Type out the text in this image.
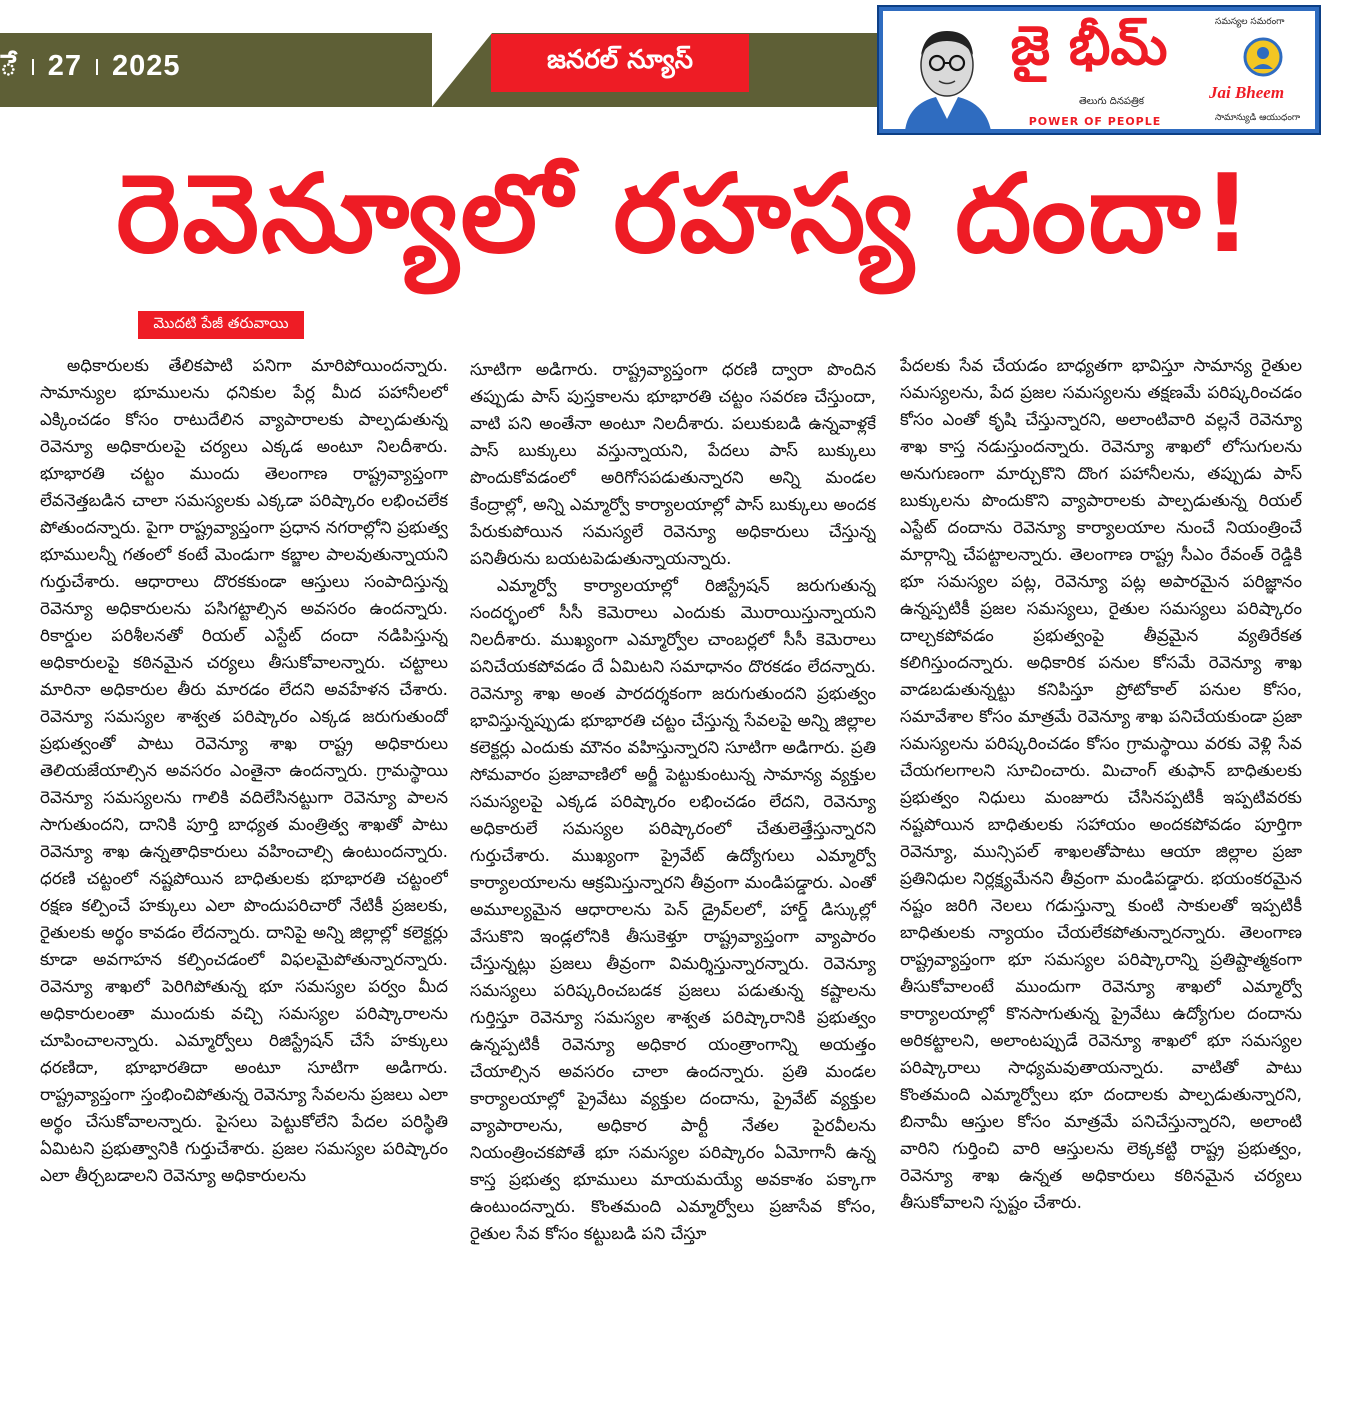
ే 27 2025	జనరల్ న్యూస్	జై భీమ్
తెలుగు దినపత్రిక
POWER OF PEOPLE
సమస్యల సమరంగా
Jai Bheem
సామాన్యుడి ఆయుధంగా
రెవెన్యూలో రహస్య దందా!
మొదటి పేజీ తరువాయి

అధికారులకు తేలికపాటి పనిగా మారిపోయిందన్నారు. సామాన్యుల భూములను ధనికుల పేర్ల మీద పహానీలలో ఎక్కించడం కోసం రాటుదేలిన వ్యాపారాలకు పాల్పడుతున్న రెవెన్యూ అధికారులపై చర్యలు ఎక్కడ అంటూ నిలదీశారు. భూభారతి చట్టం ముందు తెలంగాణ రాష్ట్రవ్యాప్తంగా లేవనెత్తబడిన చాలా సమస్యలకు ఎక్కడా పరిష్కారం లభించలేక పోతుందన్నారు. పైగా రాష్ట్రవ్యాప్తంగా ప్రధాన నగరాల్లోని ప్రభుత్వ భూములన్నీ గతంలో కంటే మెండుగా కబ్జాల పాలవుతున్నాయని గుర్తుచేశారు. ఆధారాలు దొరకకుండా ఆస్తులు సంపాదిస్తున్న రెవెన్యూ అధికారులను పసిగట్టాల్సిన అవసరం ఉందన్నారు. రికార్డుల పరిశీలనతో రియల్ ఎస్టేట్ దందా నడిపిస్తున్న అధికారులపై కఠినమైన చర్యలు తీసుకోవాలన్నారు. చట్టాలు మారినా అధికారుల తీరు మారడం లేదని అవహేళన చేశారు. రెవెన్యూ సమస్యల శాశ్వత పరిష్కారం ఎక్కడ జరుగుతుందో ప్రభుత్వంతో పాటు రెవెన్యూ శాఖ రాష్ట్ర అధికారులు తెలియజేయాల్సిన అవసరం ఎంతైనా ఉందన్నారు. గ్రామస్థాయి రెవెన్యూ సమస్యలను గాలికి వదిలేసినట్టుగా రెవెన్యూ పాలన సాగుతుందని, దానికి పూర్తి బాధ్యత మంత్రిత్వ శాఖతో పాటు రెవెన్యూ శాఖ ఉన్నతాధికారులు వహించాల్సి ఉంటుందన్నారు. ధరణి చట్టంలో నష్టపోయిన బాధితులకు భూభారతి చట్టంలో రక్షణ కల్పించే హక్కులు ఎలా పొందుపరిచారో నేటికీ ప్రజలకు, రైతులకు అర్థం కావడం లేదన్నారు. దానిపై అన్ని జిల్లాల్లో కలెక్టర్లు కూడా అవగాహన కల్పించడంలో విఫలమైపోతున్నారన్నారు. రెవెన్యూ శాఖలో పెరిగిపోతున్న భూ సమస్యల పర్వం మీద అధికారులంతా ముందుకు వచ్చి సమస్యల పరిష్కారాలను చూపించాలన్నారు. ఎమ్మార్వోలు రిజిస్ట్రేషన్ చేసే హక్కులు ధరణిదా, భూభారతిదా అంటూ సూటిగా అడిగారు. రాష్ట్రవ్యాప్తంగా స్తంభించిపోతున్న రెవెన్యూ సేవలను ప్రజలు ఎలా అర్థం చేసుకోవాలన్నారు. పైసలు పెట్టుకోలేని పేదల పరిస్థితి ఏమిటని ప్రభుత్వానికి గుర్తుచేశారు. ప్రజల సమస్యల పరిష్కారం ఎలా తీర్చబడాలని రెవెన్యూ అధికారులను

సూటిగా అడిగారు. రాష్ట్రవ్యాప్తంగా ధరణి ద్వారా పొందిన తప్పుడు పాస్ పుస్తకాలను భూభారతి చట్టం సవరణ చేస్తుందా, వాటి పని అంతేనా అంటూ నిలదీశారు. పలుకుబడి ఉన్నవాళ్లకే పాస్ బుక్కులు వస్తున్నాయని, పేదలు పాస్ బుక్కులు పొందుకోవడంలో అరిగోసపడుతున్నారని అన్ని మండల కేంద్రాల్లో, అన్ని ఎమ్మార్వో కార్యాలయాల్లో పాస్ బుక్కులు అందక పేరుకుపోయిన సమస్యలే రెవెన్యూ అధికారులు చేస్తున్న పనితీరును బయటపెడుతున్నాయన్నారు.

ఎమ్మార్వో కార్యాలయాల్లో రిజిస్ట్రేషన్ జరుగుతున్న సందర్భంలో సీసీ కెమెరాలు ఎందుకు మొరాయిస్తున్నాయని నిలదీశారు. ముఖ్యంగా ఎమ్మార్వోల చాంబర్లలో సీసీ కెమెరాలు పనిచేయకపోవడం దే ఏమిటని సమాధానం దొరకడం లేదన్నారు. రెవెన్యూ శాఖ అంత పారదర్శకంగా జరుగుతుందని ప్రభుత్వం భావిస్తున్నప్పుడు భూభారతి చట్టం చేస్తున్న సేవలపై అన్ని జిల్లాల కలెక్టర్లు ఎందుకు మౌనం వహిస్తున్నారని సూటిగా అడిగారు. ప్రతి సోమవారం ప్రజావాణిలో అర్జీ పెట్టుకుంటున్న సామాన్య వ్యక్తుల సమస్యలపై ఎక్కడ పరిష్కారం లభించడం లేదని, రెవెన్యూ అధికారులే సమస్యల పరిష్కారంలో చేతులెత్తేస్తున్నారని గుర్తుచేశారు. ముఖ్యంగా ప్రైవేట్ ఉద్యోగులు ఎమ్మార్వో కార్యాలయాలను ఆక్రమిస్తున్నారని తీవ్రంగా మండిపడ్డారు. ఎంతో అమూల్యమైన ఆధారాలను పెన్ డ్రైవ్‌లలో, హార్డ్ డిస్కుల్లో వేసుకొని ఇండ్లలోనికి తీసుకెళ్తూ రాష్ట్రవ్యాప్తంగా వ్యాపారం చేస్తున్నట్లు ప్రజలు తీవ్రంగా విమర్శిస్తున్నారన్నారు. రెవెన్యూ సమస్యలు పరిష్కరించబడక ప్రజలు పడుతున్న కష్టాలను గుర్తిస్తూ రెవెన్యూ సమస్యల శాశ్వత పరిష్కారానికి ప్రభుత్వం ఉన్నప్పటికీ రెవెన్యూ అధికార యంత్రాంగాన్ని అయత్తం చేయాల్సిన అవసరం చాలా ఉందన్నారు. ప్రతి మండల కార్యాలయాల్లో ప్రైవేటు వ్యక్తుల దందాను, ప్రైవేట్ వ్యక్తుల వ్యాపారాలను, అధికార పార్టీ నేతల పైరవీలను నియంత్రించకపోతే భూ సమస్యల పరిష్కారం ఏమోగానీ ఉన్న కాస్త ప్రభుత్వ భూములు మాయమయ్యే అవకాశం పక్కాగా ఉంటుందన్నారు. కొంతమంది ఎమ్మార్వోలు ప్రజాసేవ కోసం, రైతుల సేవ కోసం కట్టుబడి పని చేస్తూ

పేదలకు సేవ చేయడం బాధ్యతగా భావిస్తూ సామాన్య రైతుల సమస్యలను, పేద ప్రజల సమస్యలను తక్షణమే పరిష్కరించడం కోసం ఎంతో కృషి చేస్తున్నారని, అలాంటివారి వల్లనే రెవెన్యూ శాఖ కాస్త నడుస్తుందన్నారు. రెవెన్యూ శాఖలో లోసుగులను అనుగుణంగా మార్చుకొని దొంగ పహానీలను, తప్పుడు పాస్ బుక్కులను పొందుకొని వ్యాపారాలకు పాల్పడుతున్న రియల్ ఎస్టేట్ దందాను రెవెన్యూ కార్యాలయాల నుంచే నియంత్రించే మార్గాన్ని చేపట్టాలన్నారు. తెలంగాణ రాష్ట్ర సీఎం రేవంత్ రెడ్డికి భూ సమస్యల పట్ల, రెవెన్యూ పట్ల అపారమైన పరిజ్ఞానం ఉన్నప్పటికీ ప్రజల సమస్యలు, రైతుల సమస్యలు పరిష్కారం దాల్చకపోవడం ప్రభుత్వంపై తీవ్రమైన వ్యతిరేకత కలిగిస్తుందన్నారు. అధికారిక పనుల కోసమే రెవెన్యూ శాఖ వాడబడుతున్నట్టు కనిపిస్తూ ప్రోటోకాల్ పనుల కోసం, సమావేశాల కోసం మాత్రమే రెవెన్యూ శాఖ పనిచేయకుండా ప్రజా సమస్యలను పరిష్కరించడం కోసం గ్రామస్థాయి వరకు వెళ్లి సేవ చేయగలగాలని సూచించారు. మిచాంగ్ తుఫాన్ బాధితులకు ప్రభుత్వం నిధులు మంజూరు చేసినప్పటికీ ఇప్పటివరకు నష్టపోయిన బాధితులకు సహాయం అందకపోవడం పూర్తిగా రెవెన్యూ, మున్సిపల్ శాఖలతోపాటు ఆయా జిల్లాల ప్రజా ప్రతినిధుల నిర్లక్ష్యమేనని తీవ్రంగా మండిపడ్డారు. భయంకరమైన నష్టం జరిగి నెలలు గడుస్తున్నా కుంటి సాకులతో ఇప్పటికీ బాధితులకు న్యాయం చేయలేకపోతున్నారన్నారు. తెలంగాణ రాష్ట్రవ్యాప్తంగా భూ సమస్యల పరిష్కారాన్ని ప్రతిష్టాత్మకంగా తీసుకోవాలంటే ముందుగా రెవెన్యూ శాఖలో ఎమ్మార్వో కార్యాలయాల్లో కొనసాగుతున్న ప్రైవేటు ఉద్యోగుల దందాను అరికట్టాలని, అలాంటప్పుడే రెవెన్యూ శాఖలో భూ సమస్యల పరిష్కారాలు సాధ్యమవుతాయన్నారు. వాటితో పాటు కొంతమంది ఎమ్మార్వోలు భూ దందాలకు పాల్పడుతున్నారని, బినామీ ఆస్తుల కోసం మాత్రమే పనిచేస్తున్నారని, అలాంటి వారిని గుర్తించి వారి ఆస్తులను లెక్కకట్టి రాష్ట్ర ప్రభుత్వం, రెవెన్యూ శాఖ ఉన్నత అధికారులు కఠినమైన చర్యలు తీసుకోవాలని స్పష్టం చేశారు.
